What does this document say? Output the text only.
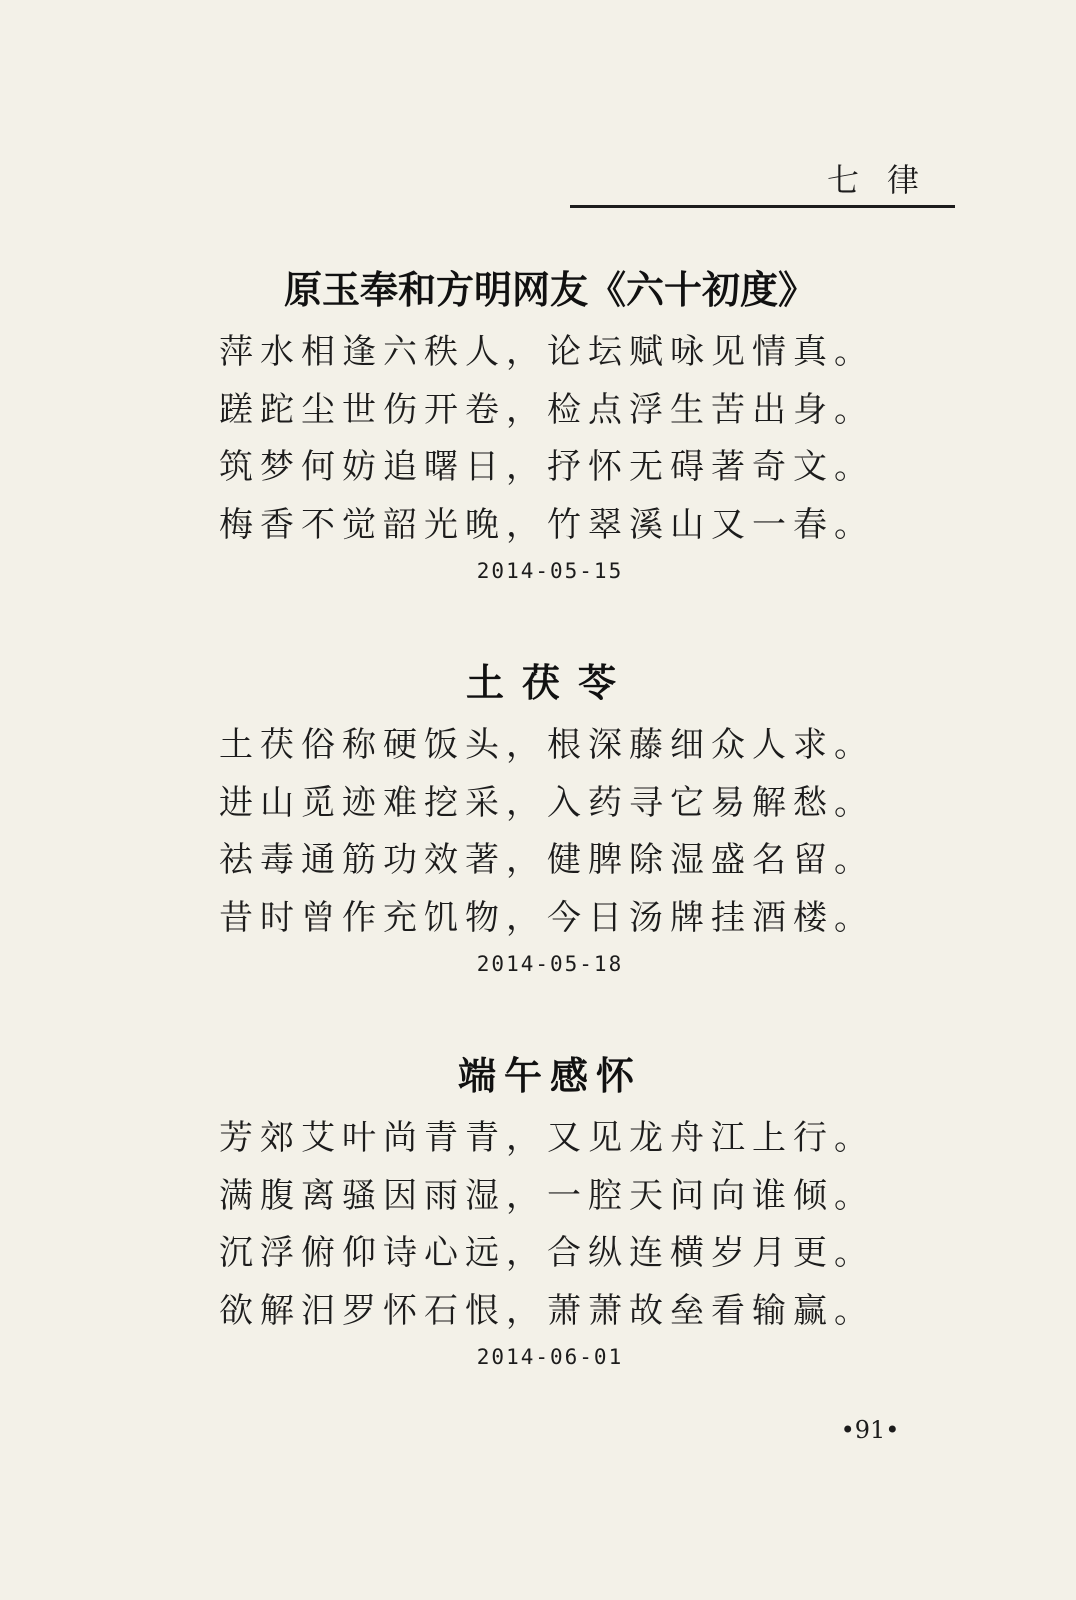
七律
原玉奉和方明网友《六十初度》
萍水相逢六秩人，论坛赋咏见情真。
蹉跎尘世伤开卷，检点浮生苦出身。
筑梦何妨追曙日，抒怀无碍著奇文。
梅香不觉韶光晚，竹翠溪山又一春。
2014-05-15
土茯苓
土茯俗称硬饭头，根深藤细众人求。
进山觅迹难挖采，入药寻它易解愁。
祛毒通筋功效著，健脾除湿盛名留。
昔时曾作充饥物，今日汤牌挂酒楼。
2014-05-18
端午感怀
芳郊艾叶尚青青，又见龙舟江上行。
满腹离骚因雨湿，一腔天问向谁倾。
沉浮俯仰诗心远，合纵连横岁月更。
欲解汨罗怀石恨，萧萧故垒看输赢。
2014-06-01
•91•
